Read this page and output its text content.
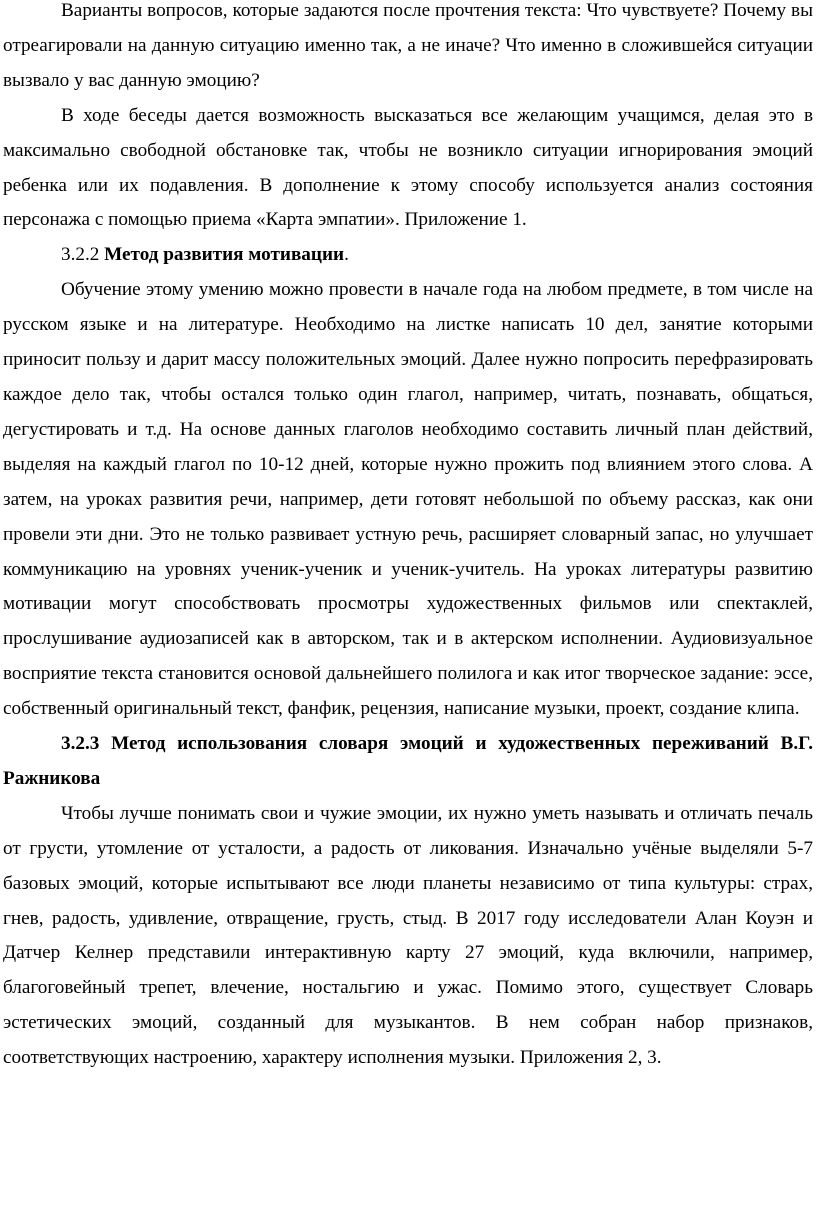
Варианты вопросов, которые задаются после прочтения текста: Что чувствуете? Почему вы отреагировали на данную ситуацию именно так, а не иначе? Что именно в сложившейся ситуации вызвало у вас данную эмоцию?

В ходе беседы дается возможность высказаться все желающим учащимся, делая это в максимально свободной обстановке так, чтобы не возникло ситуации игнорирования эмоций ребенка или их подавления. В дополнение к этому способу используется анализ состояния персонажа с помощью приема «Карта эмпатии». Приложение 1.

3.2.2 Метод развития мотивации.

Обучение этому умению можно провести в начале года на любом предмете, в том числе на русском языке и на литературе. Необходимо на листке написать 10 дел, занятие которыми приносит пользу и дарит массу положительных эмоций. Далее нужно попросить перефразировать каждое дело так, чтобы остался только один глагол, например, читать, познавать, общаться, дегустировать и т.д. На основе данных глаголов необходимо составить личный план действий, выделяя на каждый глагол по 10-12 дней, которые нужно прожить под влиянием этого слова. А затем, на уроках развития речи, например, дети готовят небольшой по объему рассказ, как они провели эти дни. Это не только развивает устную речь, расширяет словарный запас, но улучшает коммуникацию на уровнях ученик-ученик и ученик-учитель. На уроках литературы развитию мотивации могут способствовать просмотры художественных фильмов или спектаклей, прослушивание аудиозаписей как в авторском, так и в актерском исполнении. Аудиовизуальное восприятие текста становится основой дальнейшего полилога и как итог творческое задание: эссе, собственный оригинальный текст, фанфик, рецензия, написание музыки, проект, создание клипа.

3.2.3 Метод использования словаря эмоций и художественных переживаний В.Г. Ражникова

Чтобы лучше понимать свои и чужие эмоции, их нужно уметь называть и отличать печаль от грусти, утомление от усталости, а радость от ликования. Изначально учёные выделяли 5-7 базовых эмоций, которые испытывают все люди планеты независимо от типа культуры: страх, гнев, радость, удивление, отвращение, грусть, стыд. В 2017 году исследователи Алан Коуэн и Датчер Келнер представили интерактивную карту 27 эмоций, куда включили, например, благоговейный трепет, влечение, ностальгию и ужас. Помимо этого, существует Словарь эстетических эмоций, созданный для музыкантов. В нем собран набор признаков, соответствующих настроению, характеру исполнения музыки. Приложения 2, 3.
